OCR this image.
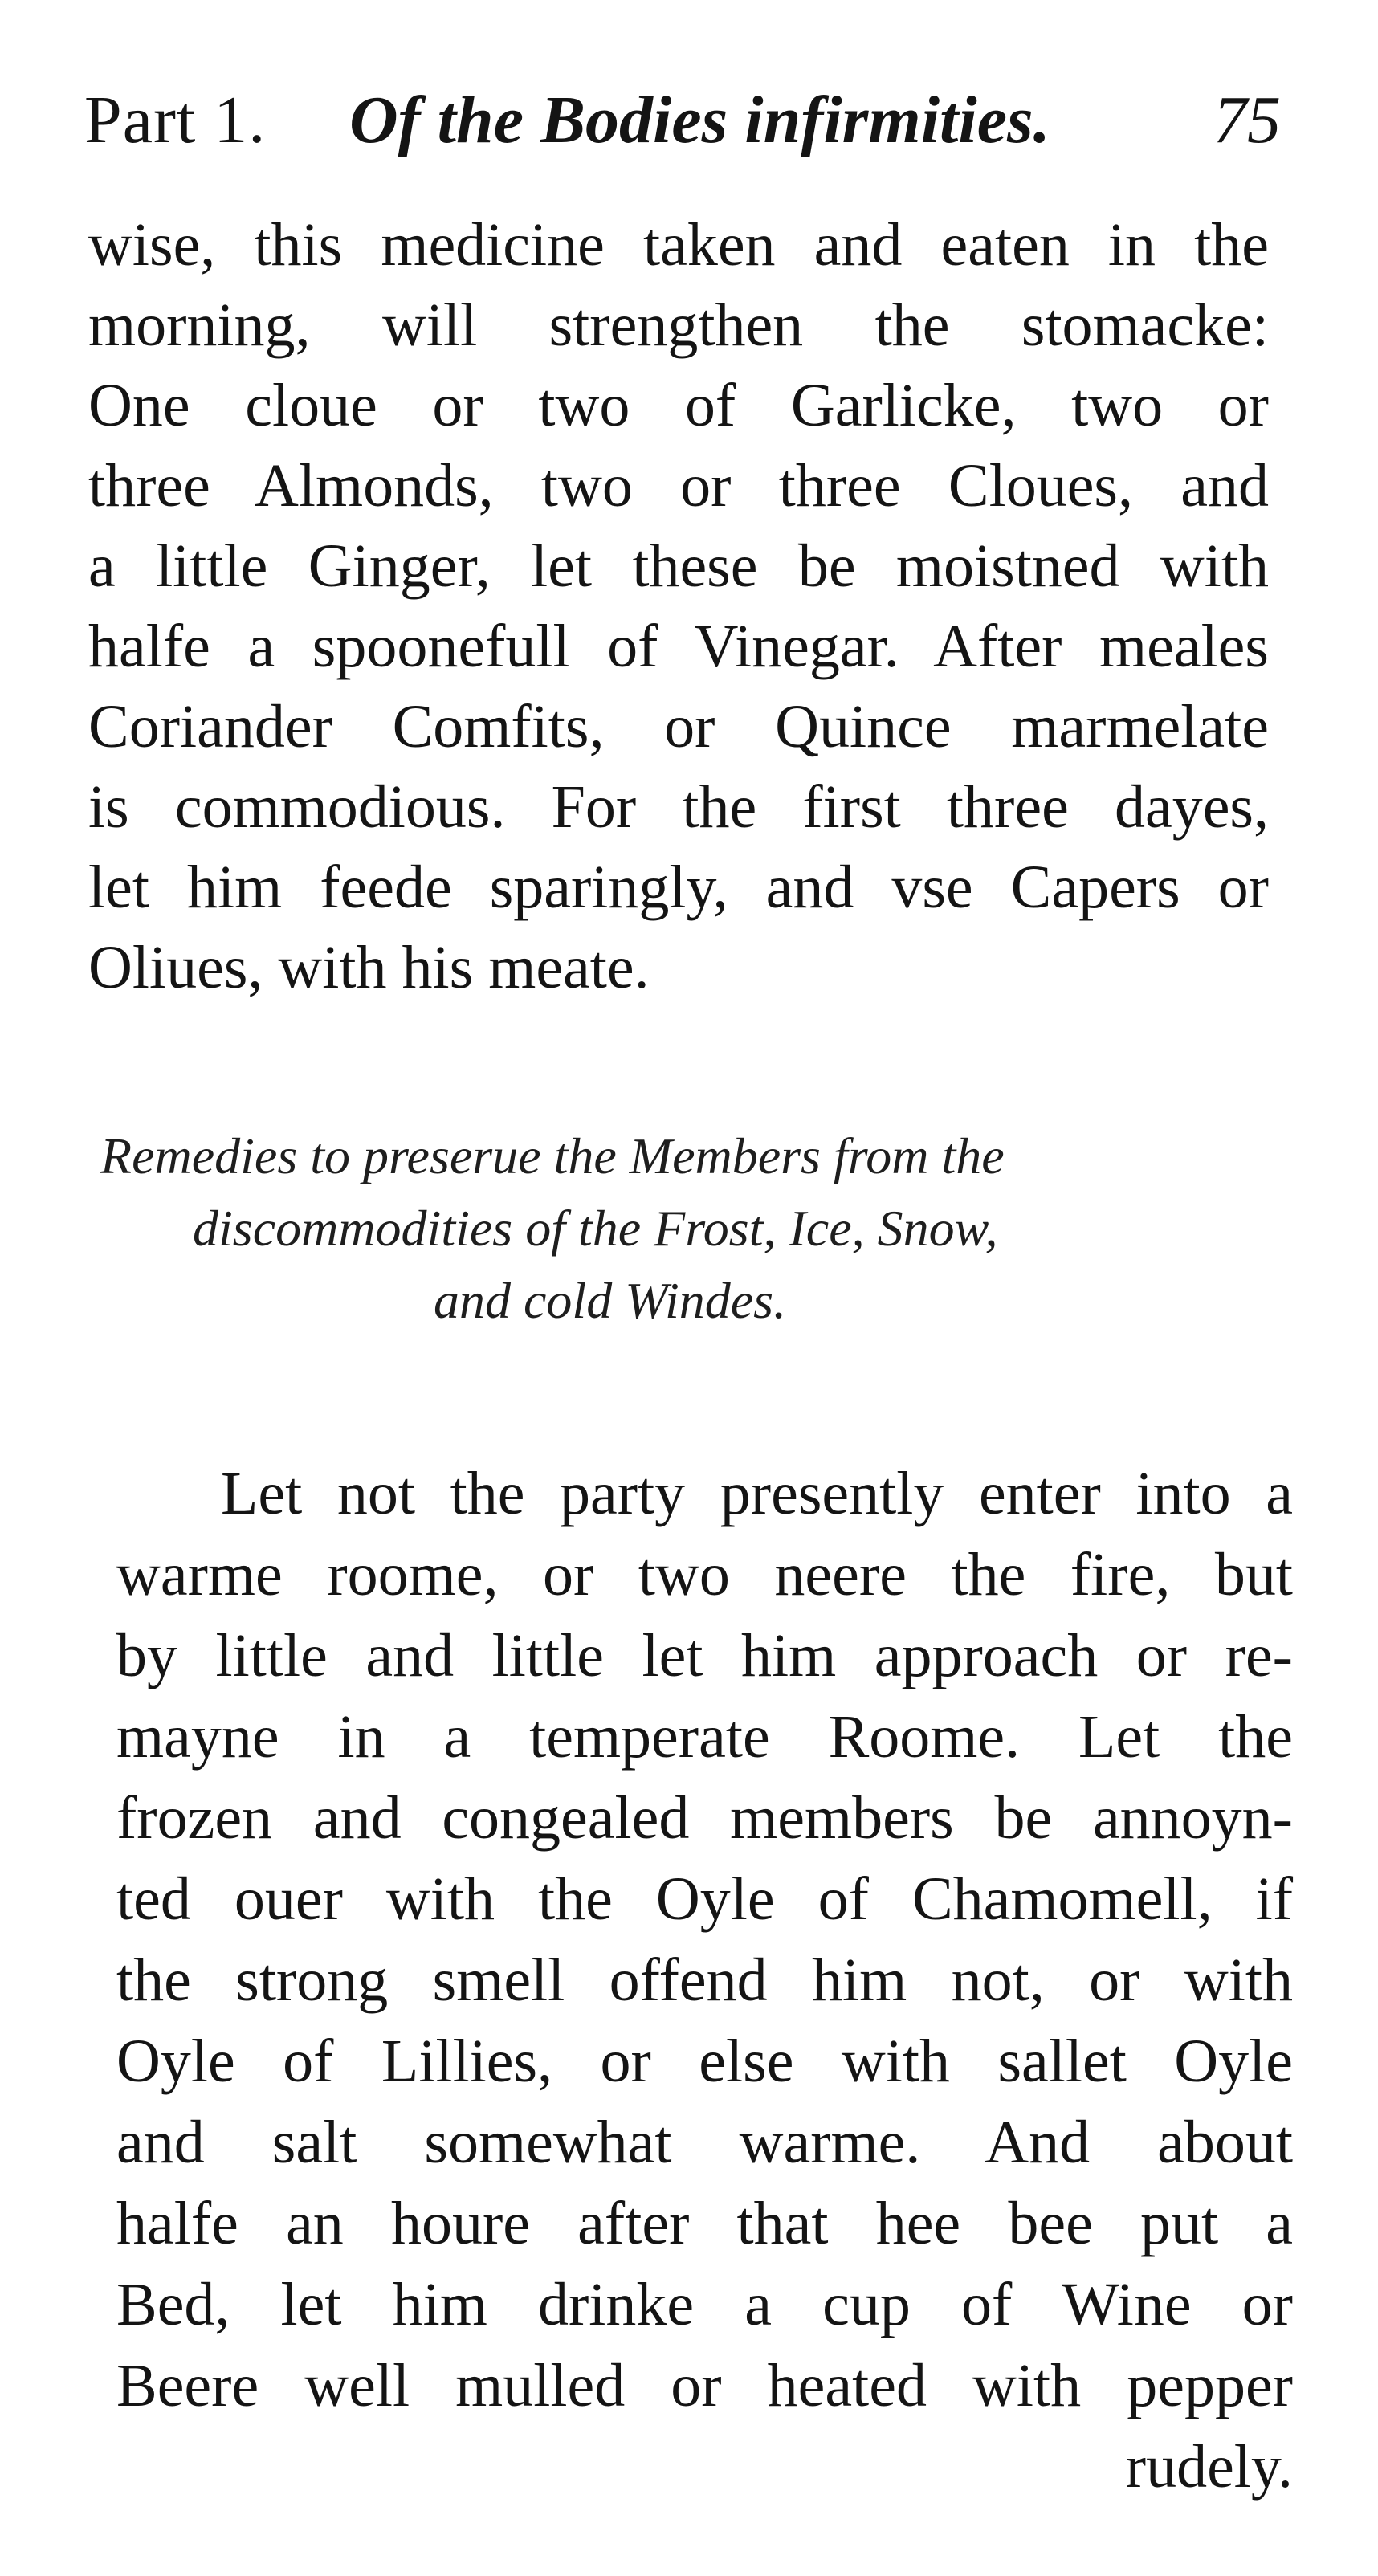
Part 1. Of the Bodies infirmities. 75
wise, this medicine taken and eaten in the
morning, will strengthen the stomacke:
One cloue or two of Garlicke, two or
three Almonds, two or three Cloues, and
a little Ginger, let these be moistned with
halfe a spoonefull of Vinegar. After meales
Coriander Comfits, or Quince marmelate
is commodious. For the first three dayes,
let him feede sparingly, and vse Capers or
Oliues, with his meate.
Remedies to preserue the Members from the
discommodities of the Frost, Ice, Snow,
and cold Windes.
Let not the party presently enter into a
warme roome, or two neere the fire, but
by little and little let him approach or re-
mayne in a temperate Roome. Let the
frozen and congealed members be annoyn-
ted ouer with the Oyle of Chamomell, if
the strong smell offend him not, or with
Oyle of Lillies, or else with sallet Oyle
and salt somewhat warme. And about
halfe an houre after that hee bee put a
Bed, let him drinke a cup of Wine or
Beere well mulled or heated with pepper
rudely.
